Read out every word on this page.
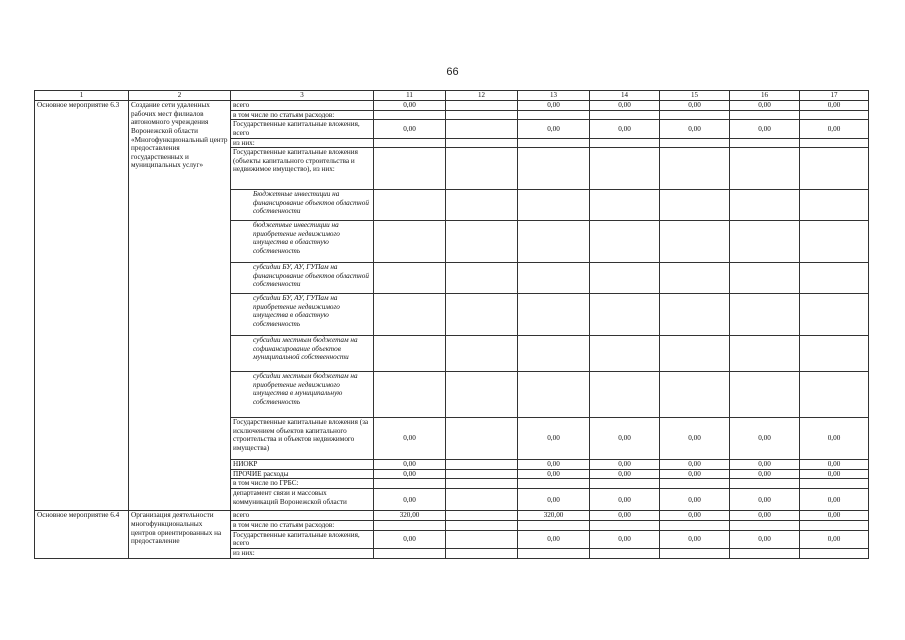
66
1	2	3	11	12	13	14	15	16	17
Основное мероприятие 6.3	Создание сети удаленных рабочих мест филиалов автономного учреждения Воронежской области «Многофункциональный центр предоставления государственных и муниципальных услуг»	всего	0,00		0,00	0,00	0,00	0,00	0,00
		в том числе по статьям расходов:							
		Государственные капитальные вложения, всего	0,00		0,00	0,00	0,00	0,00	0,00
		из них:							
		Государственные капитальные вложения (объекты капитального строительства и недвижимое имущество), из них:							
		Бюджетные инвестиции на финансирование объектов областной собственности							
		бюджетные инвестиции на приобретение недвижимого имущества в областную собственность							
		субсидии БУ, АУ, ГУПам на финансирование объектов областной собственности							
		субсидии БУ, АУ, ГУПам на приобретение недвижимого имущества в областную собственность							
		субсидии местным бюджетам на софинансирование объектов муниципальной собственности							
		субсидии местным бюджетам на приобретение недвижимого имущества в муниципальную собственность							
		Государственные капитальные вложения (за исключением объектов капитального строительства и объектов недвижимого имущества)	0,00		0,00	0,00	0,00	0,00	0,00
		НИОКР	0,00		0,00	0,00	0,00	0,00	0,00
		ПРОЧИЕ расходы	0,00		0,00	0,00	0,00	0,00	0,00
		в том числе по ГРБС:							
		департамент связи и массовых коммуникаций Воронежской области	0,00		0,00	0,00	0,00	0,00	0,00
Основное мероприятие 6.4	Организация деятельности многофункциональных центров ориентированных на предоставление	всего	320,00		320,00	0,00	0,00	0,00	0,00
		в том числе по статьям расходов:							
		Государственные капитальные вложения, всего	0,00		0,00	0,00	0,00	0,00	0,00
		из них:							
